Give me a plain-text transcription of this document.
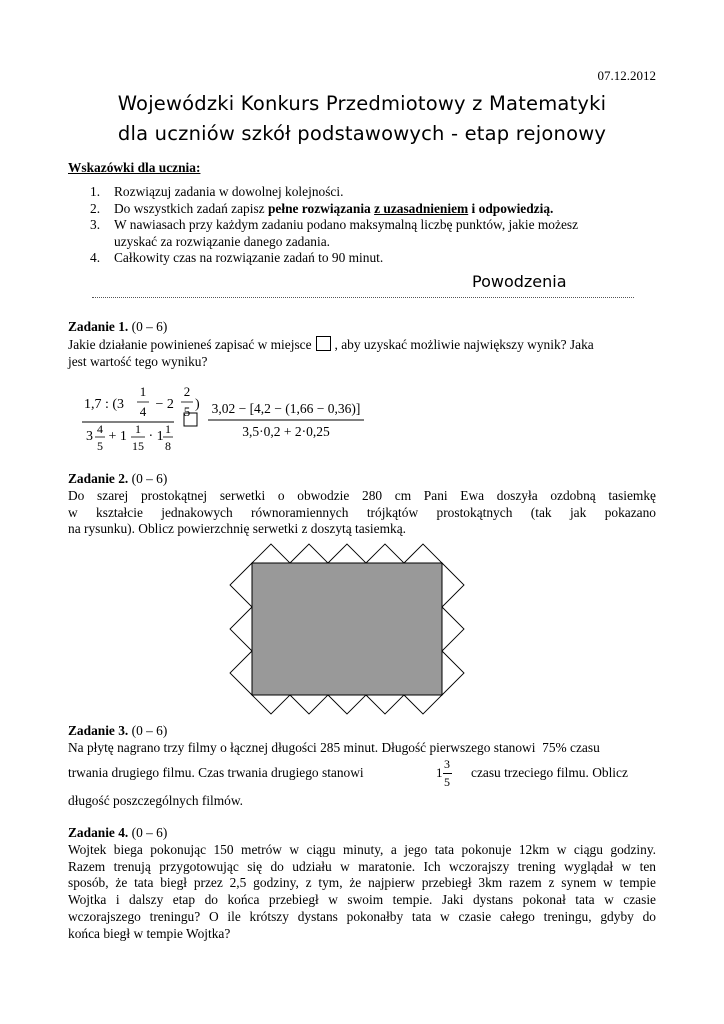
07.12.2012
Wojewódzki Konkurs Przedmiotowy z Matematyki
dla uczniów szkół podstawowych - etap rejonowy
Wskazówki dla ucznia:
1.	Rozwiązuj zadania w dowolnej kolejności.
2.	Do wszystkich zadań zapisz pełne rozwiązania z uzasadnieniem i odpowiedzią.
3.	W nawiasach przy każdym zadaniu podano maksymalną liczbę punktów, jakie możesz
uzyskać za rozwiązanie danego zadania.
4.	Całkowity czas na rozwiązanie zadań to 90 minut.
Powodzenia
Zadanie 1. (0 – 6)
Jakie działanie powinieneś zapisać w miejsce , aby uzyskać możliwie największy wynik? Jaka
jest wartość tego wyniku?
1,7 : (3
1
4 − 2
2
5 )
3 4
5
+ 1 1
15
· 1 1
8
3,02 − [4,2 − (1,66 − 0,36)]
3,5·0,2 + 2·0,25
Zadanie 2. (0 – 6)
Do szarej prostokątnej serwetki o obwodzie 280 cm Pani Ewa doszyła ozdobną tasiemkę
w kształcie jednakowych równoramiennych trójkątów prostokątnych (tak jak pokazano
na rysunku). Oblicz powierzchnię serwetki z doszytą tasiemką.
Zadanie 3. (0 – 6)
Na płytę nagrano trzy filmy o łącznej długości 285 minut. Długość pierwszego stanowi  75% czasu
trwania drugiego filmu. Czas trwania drugiego stanowi	1
3
5
czasu trzeciego filmu. Oblicz
długość poszczególnych filmów.
Zadanie 4. (0 – 6)
Wojtek biega pokonując 150 metrów w ciągu minuty, a jego tata pokonuje 12km w ciągu godziny.
Razem trenują przygotowując się do udziału w maratonie. Ich wczorajszy trening wyglądał w ten
sposób, że tata biegł przez 2,5 godziny, z tym, że najpierw przebiegł 3km razem z synem w tempie
Wojtka i dalszy etap do końca przebiegł w swoim tempie. Jaki dystans pokonał tata w czasie
wczorajszego treningu? O ile krótszy dystans pokonałby tata w czasie całego treningu, gdyby do
końca biegł w tempie Wojtka?
